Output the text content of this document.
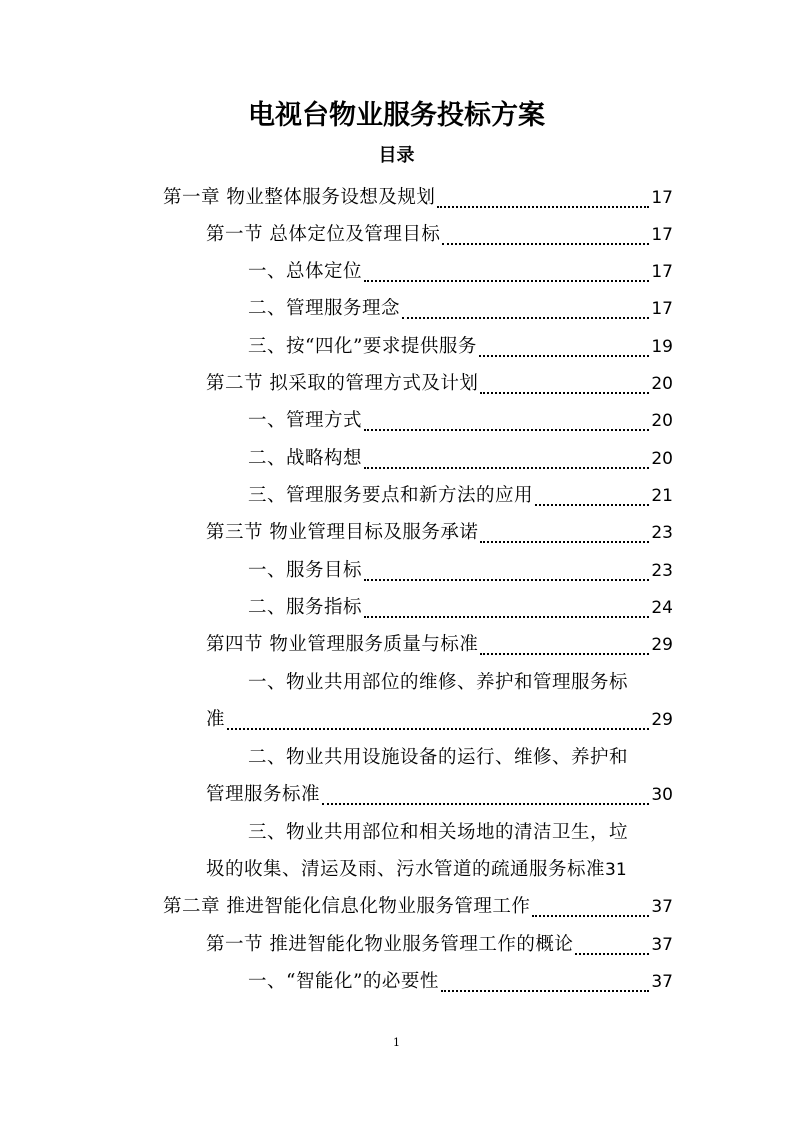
电视台物业服务投标方案
目录
第一章 物业整体服务设想及规划	17
第一节 总体定位及管理目标	17
一、总体定位	17
二、管理服务理念	17
三、按“四化”要求提供服务	19
第二节 拟采取的管理方式及计划	20
一、管理方式	20
二、战略构想	20
三、管理服务要点和新方法的应用	21
第三节 物业管理目标及服务承诺	23
一、服务目标	23
二、服务指标	24
第四节 物业管理服务质量与标准	29
一、物业共用部位的维修、养护和管理服务标
准	29
二、物业共用设施设备的运行、维修、养护和
管理服务标准	30
三、物业共用部位和相关场地的清洁卫生，垃
圾的收集、清运及雨、污水管道的疏通服务标准 31
第二章 推进智能化信息化物业服务管理工作	37
第一节 推进智能化物业服务管理工作的概论	37
一、“智能化”的必要性	37
1
